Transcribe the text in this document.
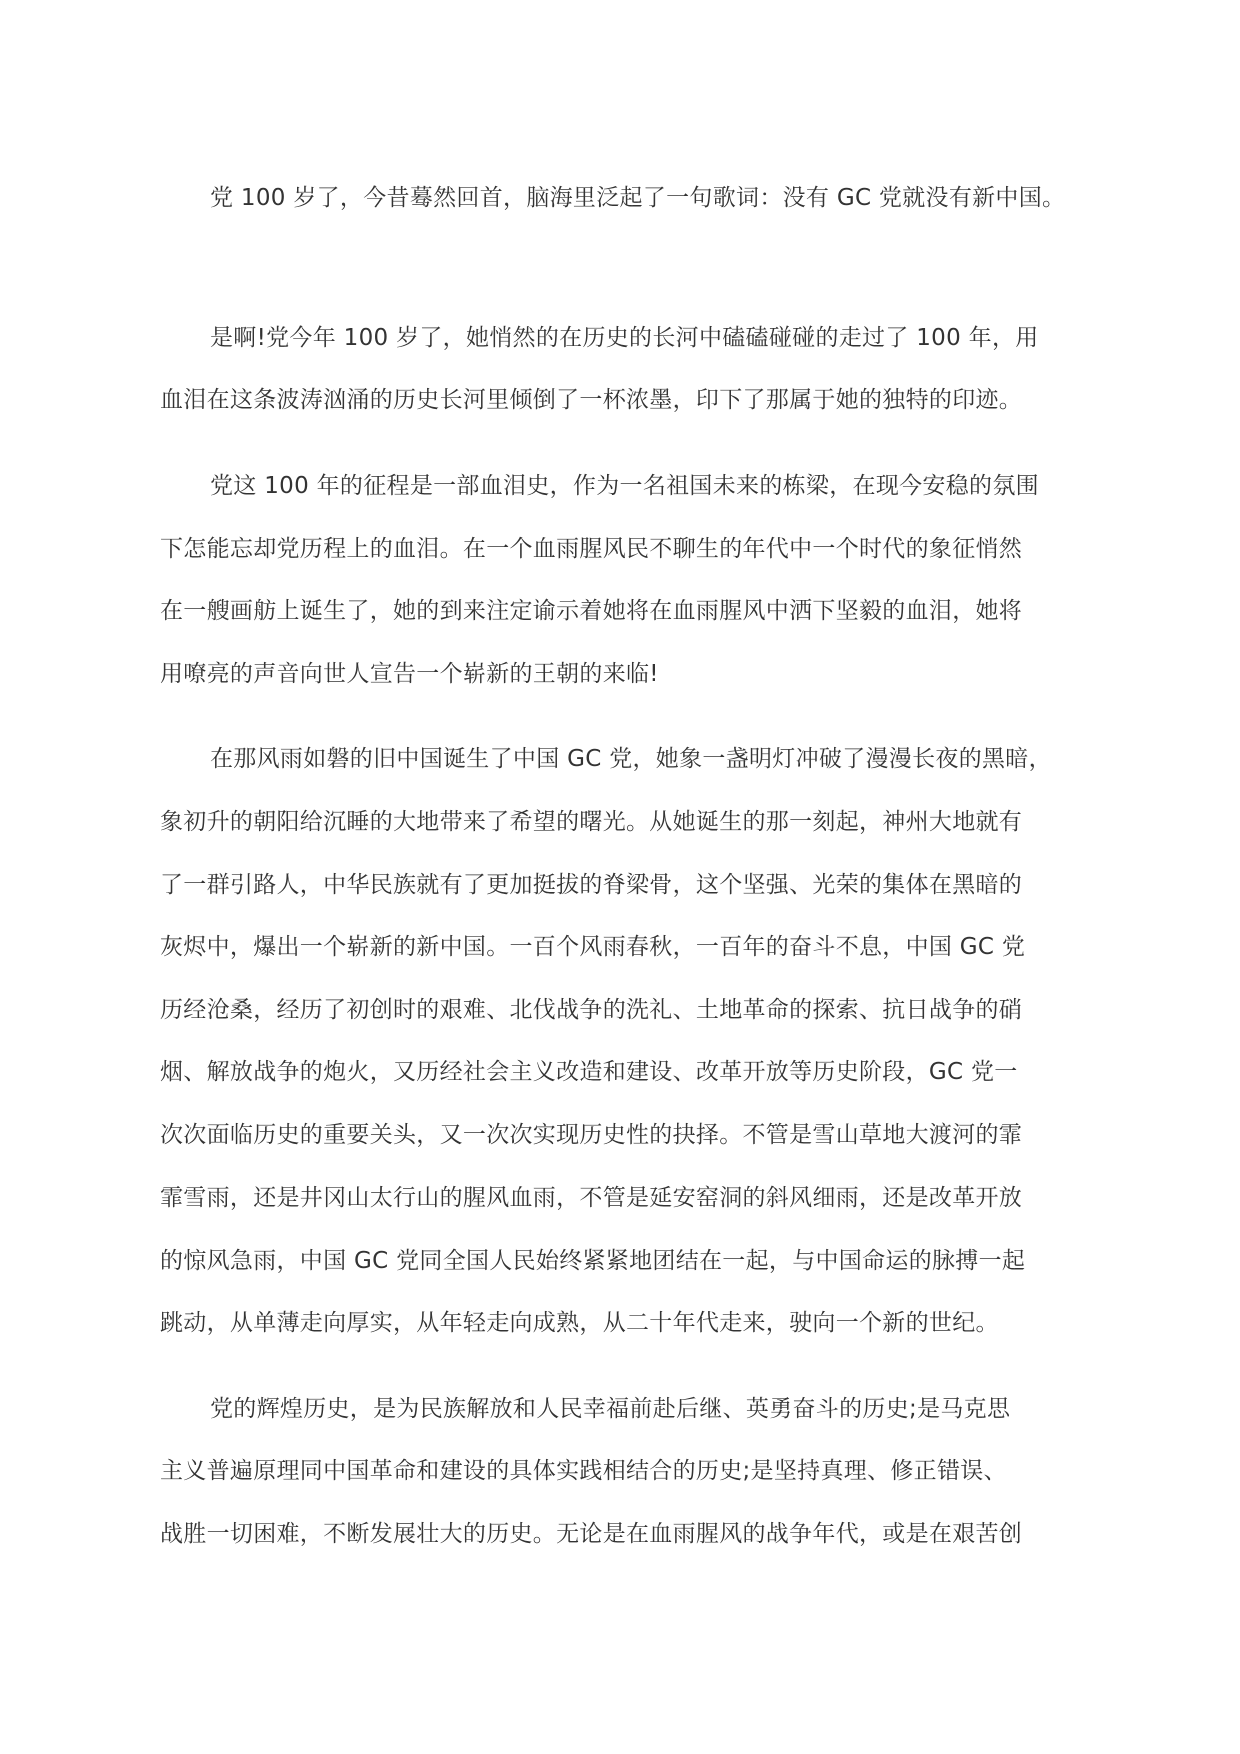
党 100 岁了，今昔蓦然回首，脑海里泛起了一句歌词：没有 GC 党就没有新中国。
是啊!党今年 100 岁了，她悄然的在历史的长河中磕磕碰碰的走过了 100 年，用
血泪在这条波涛汹涌的历史长河里倾倒了一杯浓墨，印下了那属于她的独特的印迹。
党这 100 年的征程是一部血泪史，作为一名祖国未来的栋梁，在现今安稳的氛围
下怎能忘却党历程上的血泪。在一个血雨腥风民不聊生的年代中一个时代的象征悄然
在一艘画舫上诞生了，她的到来注定谕示着她将在血雨腥风中洒下坚毅的血泪，她将
用嘹亮的声音向世人宣告一个崭新的王朝的来临!
在那风雨如磐的旧中国诞生了中国 GC 党，她象一盏明灯冲破了漫漫长夜的黑暗，
象初升的朝阳给沉睡的大地带来了希望的曙光。从她诞生的那一刻起，神州大地就有
了一群引路人，中华民族就有了更加挺拔的脊梁骨，这个坚强、光荣的集体在黑暗的
灰烬中，爆出一个崭新的新中国。一百个风雨春秋，一百年的奋斗不息，中国 GC 党
历经沧桑，经历了初创时的艰难、北伐战争的洗礼、土地革命的探索、抗日战争的硝
烟、解放战争的炮火，又历经社会主义改造和建设、改革开放等历史阶段，GC 党一
次次面临历史的重要关头，又一次次实现历史性的抉择。不管是雪山草地大渡河的霏
霏雪雨，还是井冈山太行山的腥风血雨，不管是延安窑洞的斜风细雨，还是改革开放
的惊风急雨，中国 GC 党同全国人民始终紧紧地团结在一起，与中国命运的脉搏一起
跳动，从单薄走向厚实，从年轻走向成熟，从二十年代走来，驶向一个新的世纪。
党的辉煌历史，是为民族解放和人民幸福前赴后继、英勇奋斗的历史;是马克思
主义普遍原理同中国革命和建设的具体实践相结合的历史;是坚持真理、修正错误、
战胜一切困难，不断发展壮大的历史。无论是在血雨腥风的战争年代，或是在艰苦创
